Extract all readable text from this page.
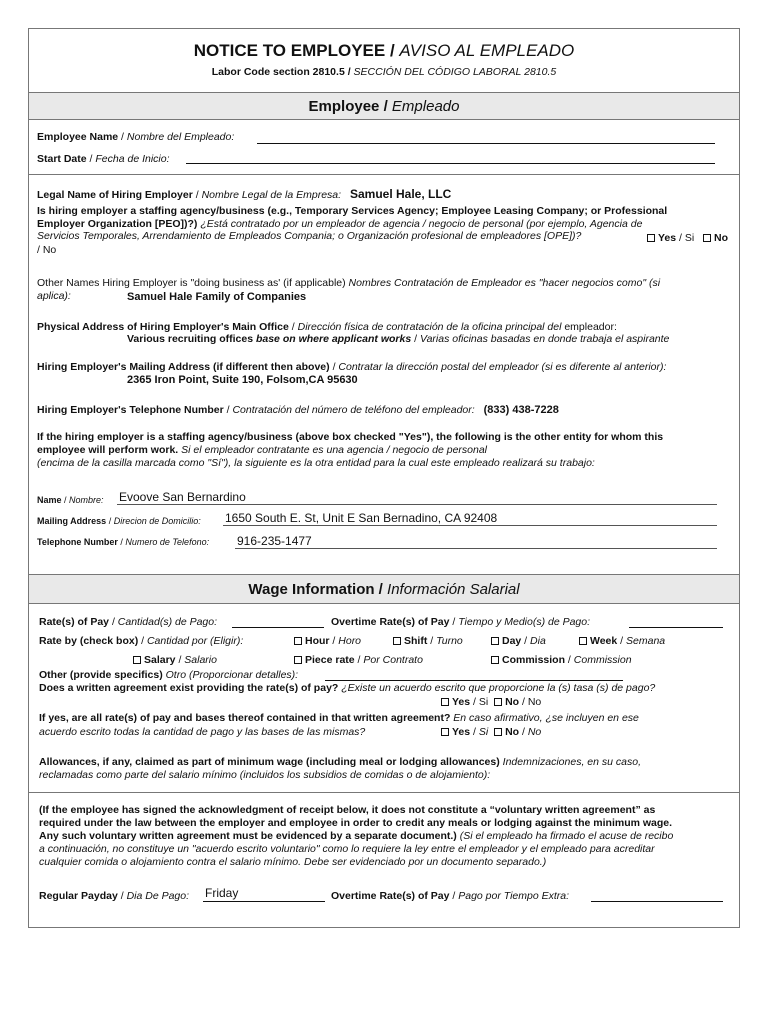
NOTICE TO EMPLOYEE / AVISO AL EMPLEADO
Labor Code section 2810.5 / SECCIÓN DEL CÓDIGO LABORAL 2810.5
Employee / Empleado
Employee Name / Nombre del Empleado:
Start Date / Fecha de Inicio:
Legal Name of Hiring Employer / Nombre Legal de la Empresa: Samuel Hale, LLC
Is hiring employer a staffing agency/business (e.g., Temporary Services Agency; Employee Leasing Company; or Professional
Employer Organization [PEO])?) ¿Está contratado por un empleador de agencia / negocio de personal (por ejemplo, Agencia de
Servicios Temporales, Arrendamiento de Empleados Compania; o Organización profesional de empleadores [OPE])?	Yes / Si No
/ No
Other Names Hiring Employer is "doing business as' (if applicable) Nombres Contratación de Empleador es "hacer negocios como" (si
aplica):	Samuel Hale Family of Companies
Physical Address of Hiring Employer's Main Office / Dirección física de contratación de la oficina principal del empleador:
Various recruiting offices base on where applicant works / Varias oficinas basadas en donde trabaja el aspirante
Hiring Employer's Mailing Address (if different then above) / Contratar la dirección postal del empleador (si es diferente al anterior):
2365 Iron Point, Suite 190, Folsom,CA 95630
Hiring Employer's Telephone Number / Contratación del número de teléfono del empleador: (833) 438-7228
If the hiring employer is a staffing agency/business (above box checked "Yes"), the following is the other entity for whom this
employee will perform work. Si el empleador contratante es una agencia / negocio de personal
(encima de la casilla marcada como "Sí"), la siguiente es la otra entidad para la cual este empleado realizará su trabajo:
Name / Nombre: Evoove San Bernardino
Mailing Address / Direcion de Domicilio: 1650 South E. St, Unit E San Bernadino, CA 92408
Telephone Number / Numero de Telefono: 916-235-1477
Wage Information / Información Salarial
Rate(s) of Pay / Cantidad(s) de Pago:	Overtime Rate(s) of Pay / Tiempo y Medio(s) de Pago:
Rate by (check box) / Cantidad por (Eligir):	Hour / Horo	Shift / Turno	Day / Dia	Week / Semana
Salary / Salario	Piece rate / Por Contrato	Commission / Commission
Other (provide specifics) Otro (Proporcionar detalles):
Does a written agreement exist providing the rate(s) of pay? ¿Existe un acuerdo escrito que proporcione la (s) tasa (s) de pago?
Yes / Si No / No
If yes, are all rate(s) of pay and bases thereof contained in that written agreement? En caso afirmativo, ¿se incluyen en ese
acuerdo escrito todas la cantidad de pago y las bases de las mismas?	Yes / Si No / No
Allowances, if any, claimed as part of minimum wage (including meal or lodging allowances) Indemnizaciones, en su caso,
reclamadas como parte del salario mínimo (incluidos los subsidios de comidas o de alojamiento):
(If the employee has signed the acknowledgment of receipt below, it does not constitute a “voluntary written agreement” as
required under the law between the employer and employee in order to credit any meals or lodging against the minimum wage.
Any such voluntary written agreement must be evidenced by a separate document.) (Si el empleado ha firmado el acuse de recibo
a continuación, no constituye un "acuerdo escrito voluntario" como lo requiere la ley entre el empleador y el empleado para acreditar
cualquier comida o alojamiento contra el salario mínimo. Debe ser evidenciado por un documento separado.)
Regular Payday / Dia De Pago: Friday	Overtime Rate(s) of Pay / Pago por Tiempo Extra:
